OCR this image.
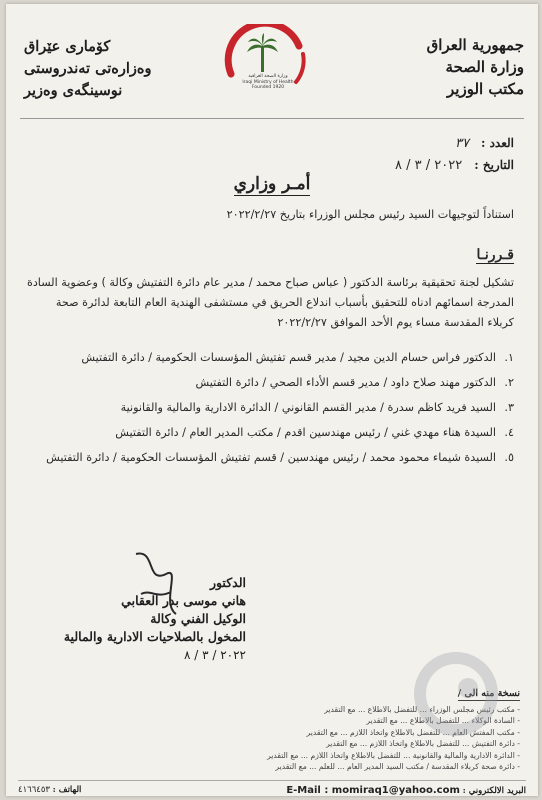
جمهورية العراق
وزارة الصحة
مكتب الوزير
كۆماری عێراق
وەزارەتی تەندروستی
نوسینگەی وەزیر
وزارة الصحة العراقية
Iraqi Ministry of Health
Founded 1920
العدد :
٣٧
التاريخ :
٢٠٢٢ / ٣ / ٨
أمـر وزاري

استناداً لتوجيهات السيد رئيس مجلس الوزراء بتاريخ ٢٠٢٢/٢/٢٧

قـررنـا

تشكيل لجنة تحقيقية برئاسة الدكتور ( عباس صباح محمد / مدير عام دائرة التفتيش وكالة ) وعضوية السادة المدرجة اسمائهم ادناه للتحقيق بأسباب اندلاع الحريق في مستشفى الهندية العام التابعة لدائرة صحة كربلاء المقدسة مساء يوم الأحد الموافق ٢٠٢٢/٢/٢٧

١.الدكتور فراس حسام الدين مجيد / مدير قسم تفتيش المؤسسات الحكومية / دائرة التفتيش
٢.الدكتور مهند صلاح داود / مدير قسم الأداء الصحي / دائرة التفتيش
٣.السيد فريد كاظم سدرة / مدير القسم القانوني / الدائرة الادارية والمالية والقانونية
٤.السيدة هناء مهدي غني / رئيس مهندسين اقدم / مكتب المدير العام / دائرة التفتيش
٥.السيدة شيماء محمود محمد / رئيس مهندسين / قسم تفتيش المؤسسات الحكومية / دائرة التفتيش
الدكتور
هاني موسى بدر العقابي
الوكيل الفني وكالة
المخول بالصلاحيات الادارية والمالية
٢٠٢٢ / ٣ / ٨
نسخة منه الى /
- مكتب رئيس مجلس الوزراء ... للتفضل بالاطلاع ... مع التقدير
- السادة الوكلاء ... للتفضل بالاطلاع ... مع التقدير
- مكتب المفتش العام ... للتفضل بالاطلاع واتخاذ اللازم ... مع التقدير
- دائرة التفتيش ... للتفضل بالاطلاع واتخاذ اللازم ... مع التقدير
- الدائرة الادارية والمالية والقانونية ... للتفضل بالاطلاع واتخاذ اللازم ... مع التقدير
- دائرة صحة كربلاء المقدسة / مكتب السيد المدير العام ... للعلم ... مع التقدير
البريد الالكتروني : E-Mail : momiraq1@yahoo.com
الهاتف : ٤١٦٦٤٥٣
